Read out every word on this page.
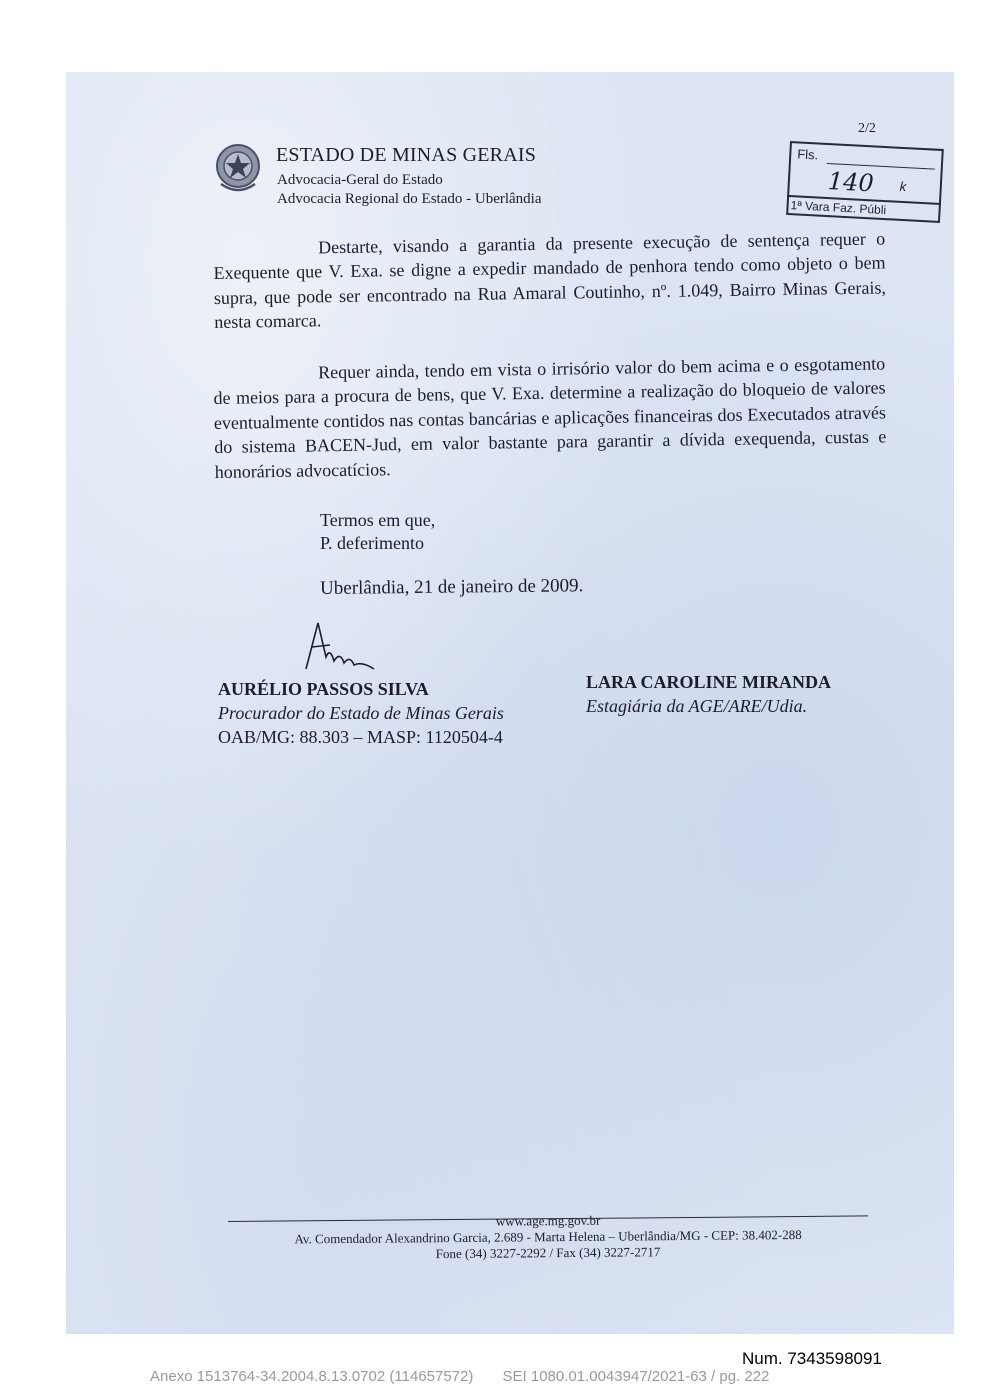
ESTADO DE MINAS GERAIS
Advocacia-Geral do Estado
Advocacia Regional do Estado - Uberlândia
2/2
Fls.
140 k
1ª Vara Faz. Públi
Destarte, visando a garantia da presente execução de sentença requer o Exequente que V. Exa. se digne a expedir mandado de penhora tendo como objeto o bem supra, que pode ser encontrado na Rua Amaral Coutinho, nº. 1.049, Bairro Minas Gerais, nesta comarca.
Requer ainda, tendo em vista o irrisório valor do bem acima e o esgotamento de meios para a procura de bens, que V. Exa. determine a realização do bloqueio de valores eventualmente contidos nas contas bancárias e aplicações financeiras dos Executados através do sistema BACEN-Jud, em valor bastante para garantir a dívida exequenda, custas e honorários advocatícios.
Termos em que,
P. deferimento
Uberlândia, 21 de janeiro de 2009.
AURÉLIO PASSOS SILVA
Procurador do Estado de Minas Gerais
OAB/MG: 88.303 – MASP: 1120504-4
LARA CAROLINE MIRANDA
Estagiária da AGE/ARE/Udia.
www.age.mg.gov.br
Av. Comendador Alexandrino Garcia, 2.689 - Marta Helena – Uberlândia/MG - CEP: 38.402-288
Fone (34) 3227-2292 / Fax (34) 3227-2717
Num. 7343598091
Anexo 1513764-34.2004.8.13.0702 (114657572)       SEI 1080.01.0043947/2021-63 / pg. 222
